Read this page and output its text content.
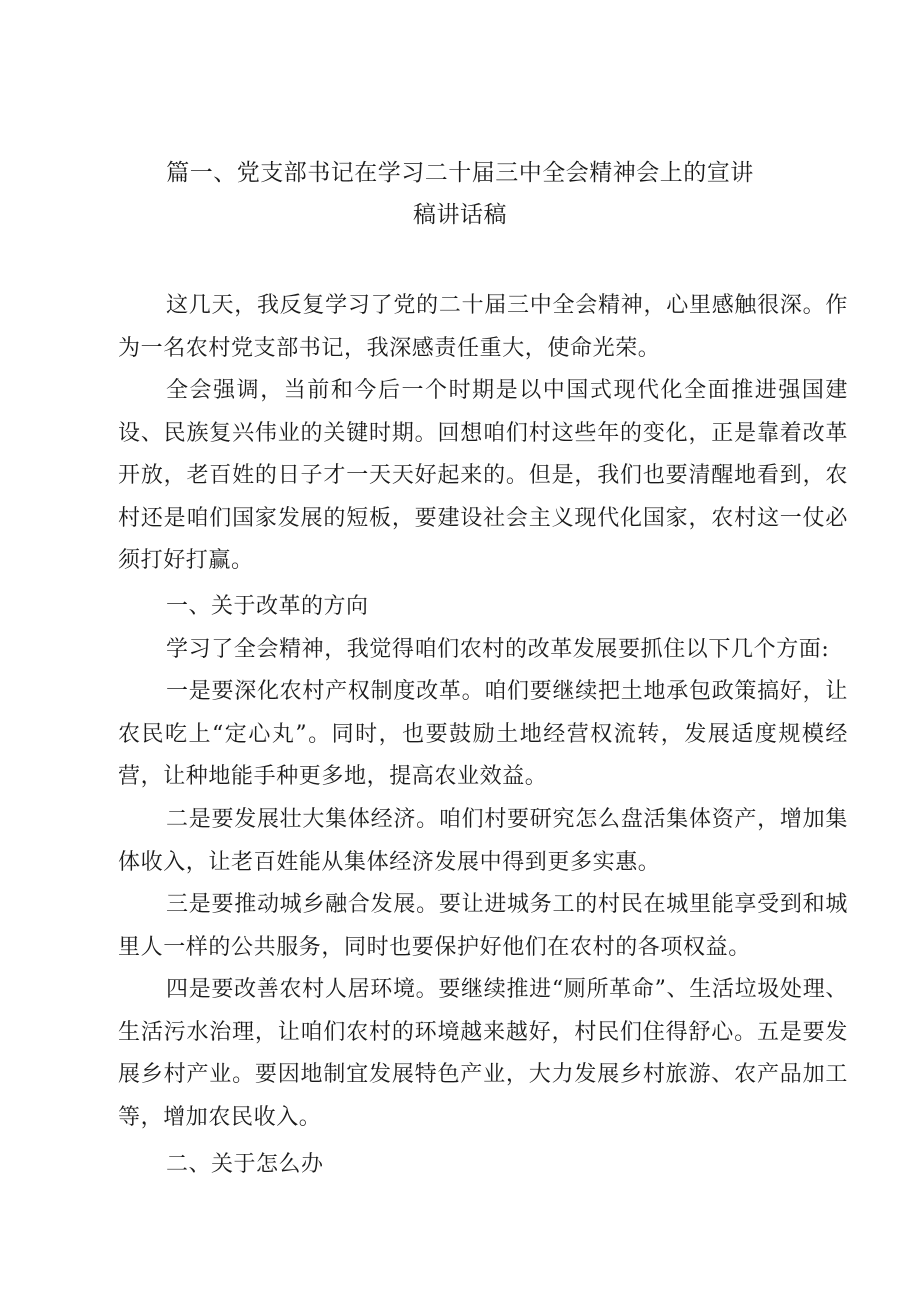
篇一、党支部书记在学习二十届三中全会精神会上的宣讲
稿讲话稿

这几天，我反复学习了党的二十届三中全会精神，心里感触很深。作为一名农村党支部书记，我深感责任重大，使命光荣。

全会强调，当前和今后一个时期是以中国式现代化全面推进强国建设、民族复兴伟业的关键时期。回想咱们村这些年的变化，正是靠着改革开放，老百姓的日子才一天天好起来的。但是，我们也要清醒地看到，农村还是咱们国家发展的短板，要建设社会主义现代化国家，农村这一仗必须打好打赢。

一、关于改革的方向

学习了全会精神，我觉得咱们农村的改革发展要抓住以下几个方面:

一是要深化农村产权制度改革。咱们要继续把土地承包政策搞好，让农民吃上“定心丸”。同时，也要鼓励土地经营权流转，发展适度规模经营，让种地能手种更多地，提高农业效益。

二是要发展壮大集体经济。咱们村要研究怎么盘活集体资产，增加集体收入，让老百姓能从集体经济发展中得到更多实惠。

三是要推动城乡融合发展。要让进城务工的村民在城里能享受到和城里人一样的公共服务，同时也要保护好他们在农村的各项权益。

四是要改善农村人居环境。要继续推进“厕所革命”、生活垃圾处理、生活污水治理，让咱们农村的环境越来越好，村民们住得舒心。五是要发展乡村产业。要因地制宜发展特色产业，大力发展乡村旅游、农产品加工等，增加农民收入。

二、关于怎么办
